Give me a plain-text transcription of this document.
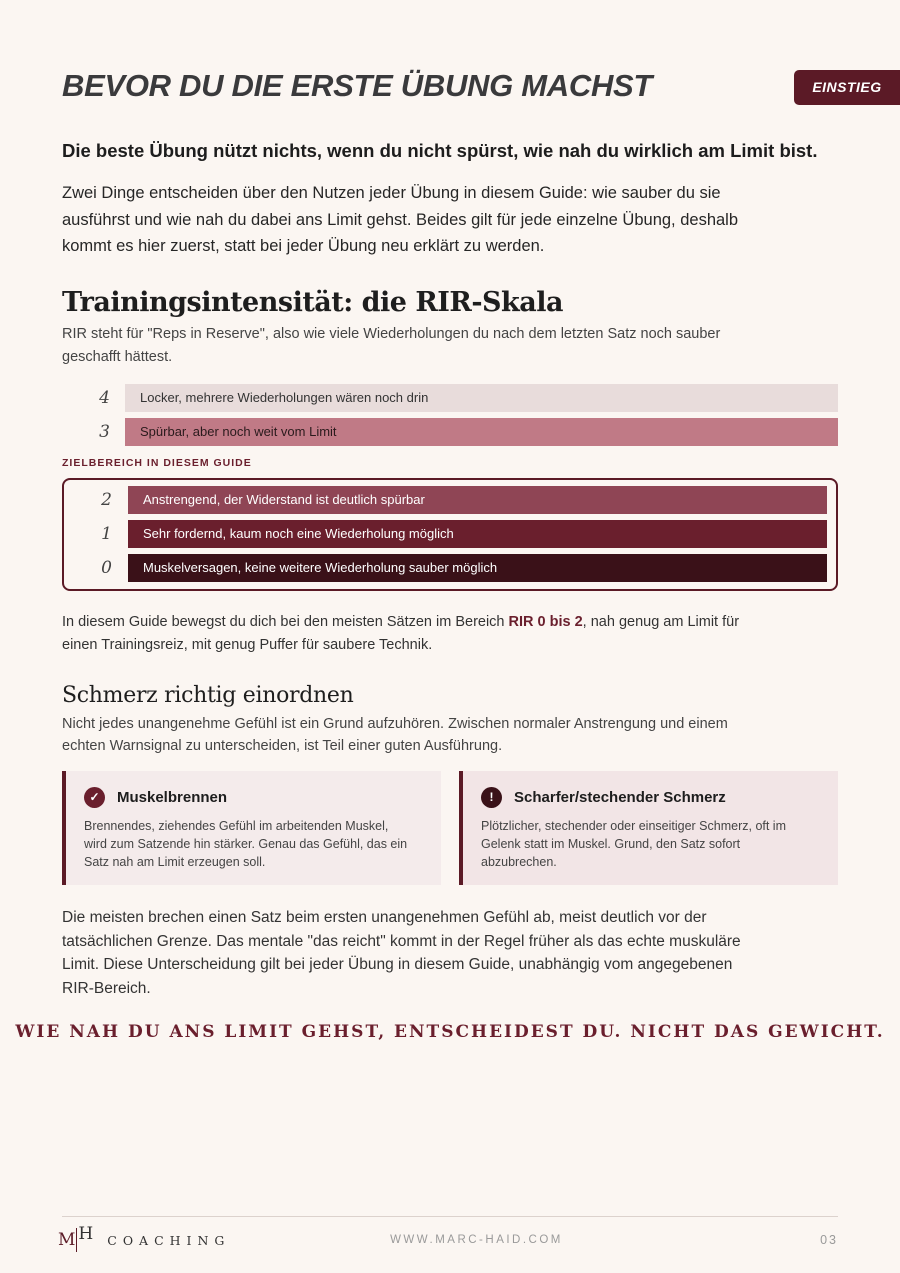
BEVOR DU DIE ERSTE ÜBUNG MACHST	EINSTIEG
Die beste Übung nützt nichts, wenn du nicht spürst, wie nah du wirklich am Limit bist.
Zwei Dinge entscheiden über den Nutzen jeder Übung in diesem Guide: wie sauber du sie ausführst und wie nah du dabei ans Limit gehst. Beides gilt für jede einzelne Übung, deshalb kommt es hier zuerst, statt bei jeder Übung neu erklärt zu werden.
Trainingsintensität: die RIR-Skala
RIR steht für "Reps in Reserve", also wie viele Wiederholungen du nach dem letzten Satz noch sauber geschafft hättest.
4	Locker, mehrere Wiederholungen wären noch drin
3	Spürbar, aber noch weit vom Limit
ZIELBEREICH IN DIESEM GUIDE
2	Anstrengend, der Widerstand ist deutlich spürbar
1	Sehr fordernd, kaum noch eine Wiederholung möglich
0	Muskelversagen, keine weitere Wiederholung sauber möglich
In diesem Guide bewegst du dich bei den meisten Sätzen im Bereich RIR 0 bis 2, nah genug am Limit für einen Trainingsreiz, mit genug Puffer für saubere Technik.
Schmerz richtig einordnen
Nicht jedes unangenehme Gefühl ist ein Grund aufzuhören. Zwischen normaler Anstrengung und einem echten Warnsignal zu unterscheiden, ist Teil einer guten Ausführung.
✓	Muskelbrennen
Brennendes, ziehendes Gefühl im arbeitenden Muskel, wird zum Satzende hin stärker. Genau das Gefühl, das ein Satz nah am Limit erzeugen soll.
!	Scharfer/stechender Schmerz
Plötzlicher, stechender oder einseitiger Schmerz, oft im Gelenk statt im Muskel. Grund, den Satz sofort abzubrechen.
Die meisten brechen einen Satz beim ersten unangenehmen Gefühl ab, meist deutlich vor der tatsächlichen Grenze. Das mentale "das reicht" kommt in der Regel früher als das echte muskuläre Limit. Diese Unterscheidung gilt bei jeder Übung in diesem Guide, unabhängig vom angegebenen RIR-Bereich.
WIE NAH DU ANS LIMIT GEHST, ENTSCHEIDEST DU. NICHT DAS GEWICHT.
M H COACHING	WWW.MARC-HAID.COM	03
